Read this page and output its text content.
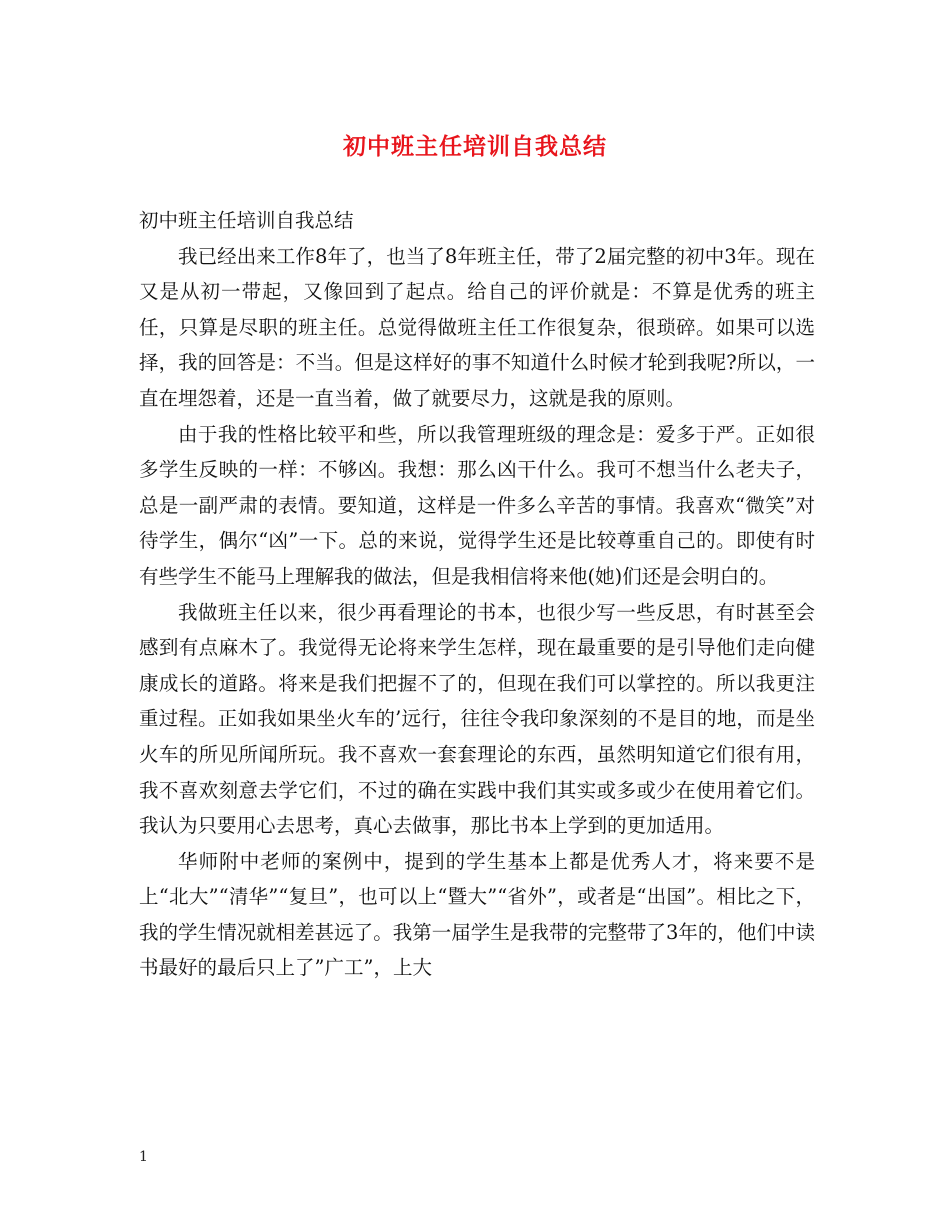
初中班主任培训自我总结

初中班主任培训自我总结

我已经出来工作8年了，也当了8年班主任，带了2届完整的初中3年。现在又是从初一带起，又像回到了起点。给自己的评价就是：不算是优秀的班主任，只算是尽职的班主任。总觉得做班主任工作很复杂，很琐碎。如果可以选择，我的回答是：不当。但是这样好的事不知道什么时候才轮到我呢?所以，一直在埋怨着，还是一直当着，做了就要尽力，这就是我的原则。

由于我的性格比较平和些，所以我管理班级的理念是：爱多于严。正如很多学生反映的一样：不够凶。我想：那么凶干什么。我可不想当什么老夫子，总是一副严肃的表情。要知道，这样是一件多么辛苦的事情。我喜欢“微笑”对待学生，偶尔“凶”一下。总的来说，觉得学生还是比较尊重自己的。即使有时有些学生不能马上理解我的做法，但是我相信将来他(她)们还是会明白的。

我做班主任以来，很少再看理论的书本，也很少写一些反思，有时甚至会感到有点麻木了。我觉得无论将来学生怎样，现在最重要的是引导他们走向健康成长的道路。将来是我们把握不了的，但现在我们可以掌控的。所以我更注重过程。正如我如果坐火车的’远行，往往令我印象深刻的不是目的地，而是坐火车的所见所闻所玩。我不喜欢一套套理论的东西，虽然明知道它们很有用，我不喜欢刻意去学它们，不过的确在实践中我们其实或多或少在使用着它们。我认为只要用心去思考，真心去做事，那比书本上学到的更加适用。

华师附中老师的案例中，提到的学生基本上都是优秀人才，将来要不是上“北大”“清华”“复旦”，也可以上“暨大”“省外”，或者是“出国”。相比之下，我的学生情况就相差甚远了。我第一届学生是我带的完整带了3年的，他们中读书最好的最后只上了”广工”，上大

1
